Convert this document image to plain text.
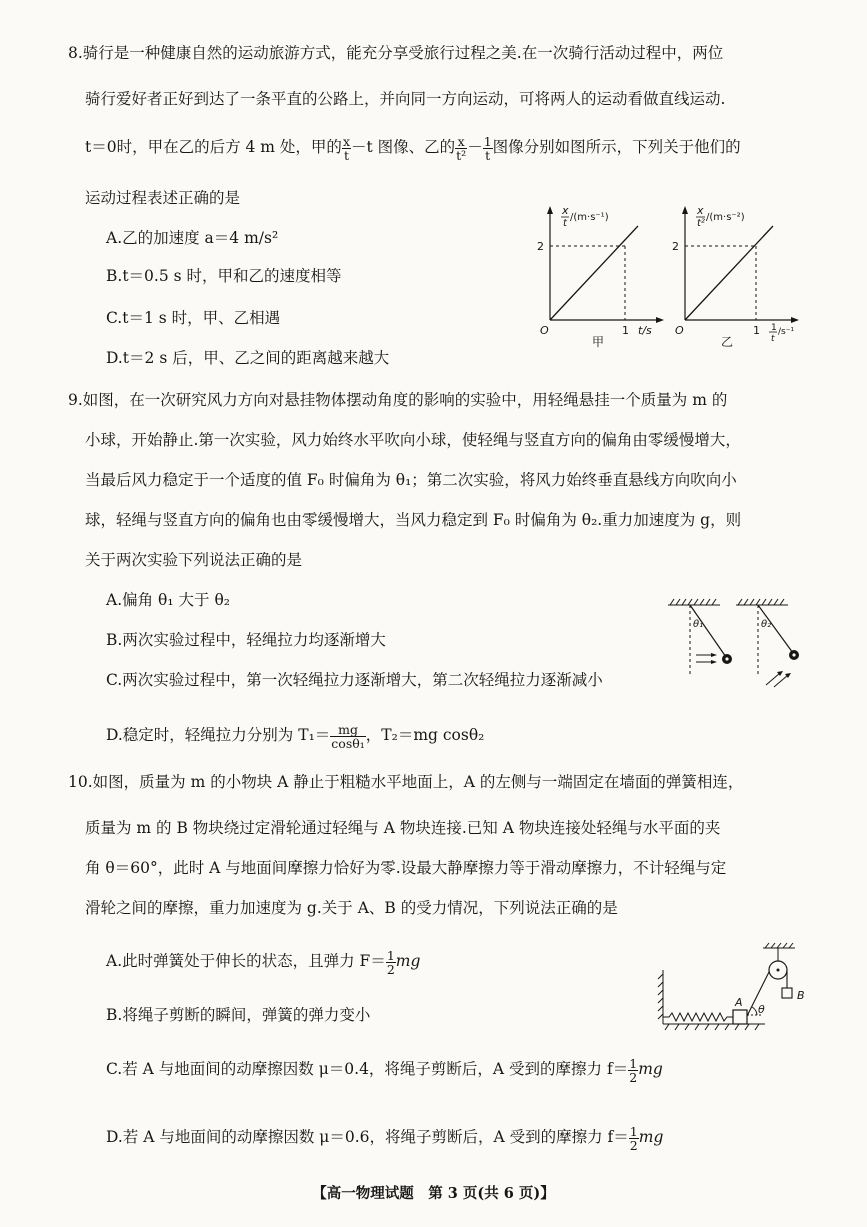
8.骑行是一种健康自然的运动旅游方式，能充分享受旅行过程之美.在一次骑行活动过程中，两位
骑行爱好者正好到达了一条平直的公路上，并向同一方向运动，可将两人的运动看做直线运动.
t＝0时，甲在乙的后方 4 m 处，甲的 $\frac{x}{t} -t$ 图像、乙的 $\frac{x}{\text{t²}} - \frac{1}{t}$ 图像分别如图所示，下列关于他们的
运动过程表述正确的是
A.乙的加速度 a＝4 m/s²
B.t＝0.5 s 时，甲和乙的速度相等
C.t＝1 s 时，甲、乙相遇
D.t＝2 s 后，甲、乙之间的距离越来越大
x
t
/(m·s⁻¹)
2
O	1 t/s
甲
x
t²
/(m·s⁻²)
2
O	1 1
t
/s⁻¹
乙
9.如图，在一次研究风力方向对悬挂物体摆动角度的影响的实验中，用轻绳悬挂一个质量为 m 的
小球，开始静止.第一次实验，风力始终水平吹向小球，使轻绳与竖直方向的偏角由零缓慢增大，
当最后风力稳定于一个适度的值 F₀ 时偏角为 θ₁；第二次实验，将风力始终垂直悬线方向吹向小
球，轻绳与竖直方向的偏角也由零缓慢增大，当风力稳定到 F₀ 时偏角为 θ₂.重力加速度为 g，则
关于两次实验下列说法正确的是
A.偏角 θ₁ 大于 θ₂
B.两次实验过程中，轻绳拉力均逐渐增大
C.两次实验过程中，第一次轻绳拉力逐渐增大，第二次轻绳拉力逐渐减小
D.稳定时，轻绳拉力分别为 $T_1= \frac{mg}{\text{cosθ₁}}$ ，T₂＝mg cosθ₂
θ₁	θ₂
10.如图，质量为 m 的小物块 A 静止于粗糙水平地面上，A 的左侧与一端固定在墙面的弹簧相连，
质量为 m 的 B 物块绕过定滑轮通过轻绳与 A 物块连接.已知 A 物块连接处轻绳与水平面的夹
角 θ＝60°，此时 A 与地面间摩擦力恰好为零.设最大静摩擦力等于滑动摩擦力，不计轻绳与定
滑轮之间的摩擦，重力加速度为 g.关于 A、B 的受力情况，下列说法正确的是
A.此时弹簧处于伸长的状态，且弹力 $F= \frac{1}{2}$ mg
B.将绳子剪断的瞬间，弹簧的弹力变小
C.若 A 与地面间的动摩擦因数 μ＝0.4，将绳子剪断后，A 受到的摩擦力 $f= \frac{1}{2}$ mg
D.若 A 与地面间的动摩擦因数 μ＝0.6，将绳子剪断后，A 受到的摩擦力 $f= \frac{1}{2}$ mg
A
θ
B
【高一物理试题　第 3 页(共 6 页)】
